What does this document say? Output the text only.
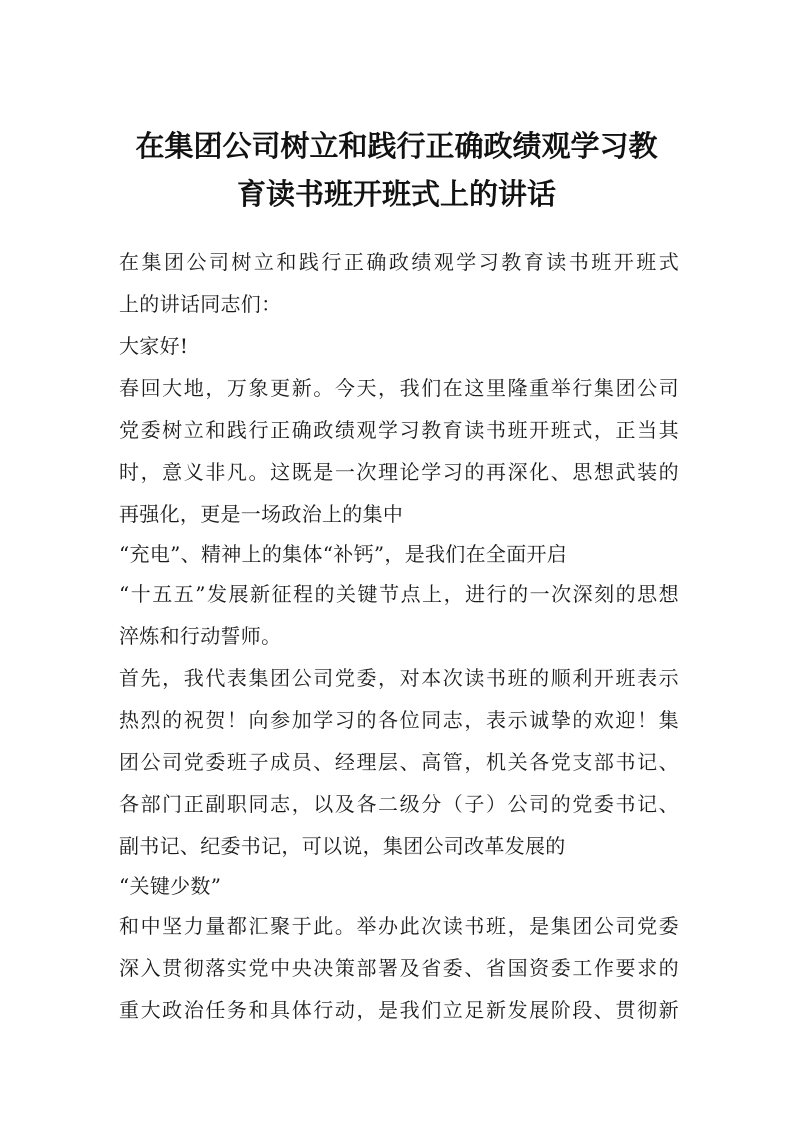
在集团公司树立和践行正确政绩观学习教
育读书班开班式上的讲话
在集团公司树立和践行正确政绩观学习教育读书班开班式
上的讲话同志们：
大家好!
春回大地，万象更新。今天，我们在这里隆重举行集团公司
党委树立和践行正确政绩观学习教育读书班开班式，正当其
时，意义非凡。这既是一次理论学习的再深化、思想武装的
再强化，更是一场政治上的集中
“充电”、精神上的集体“补钙”，是我们在全面开启
“十五五”发展新征程的关键节点上，进行的一次深刻的思想
淬炼和行动誓师。
首先，我代表集团公司党委，对本次读书班的顺利开班表示
热烈的祝贺！向参加学习的各位同志，表示诚挚的欢迎！集
团公司党委班子成员、经理层、高管，机关各党支部书记、
各部门正副职同志，以及各二级分（子）公司的党委书记、
副书记、纪委书记，可以说，集团公司改革发展的
“关键少数”
和中坚力量都汇聚于此。举办此次读书班，是集团公司党委
深入贯彻落实党中央决策部署及省委、省国资委工作要求的
重大政治任务和具体行动，是我们立足新发展阶段、贯彻新
